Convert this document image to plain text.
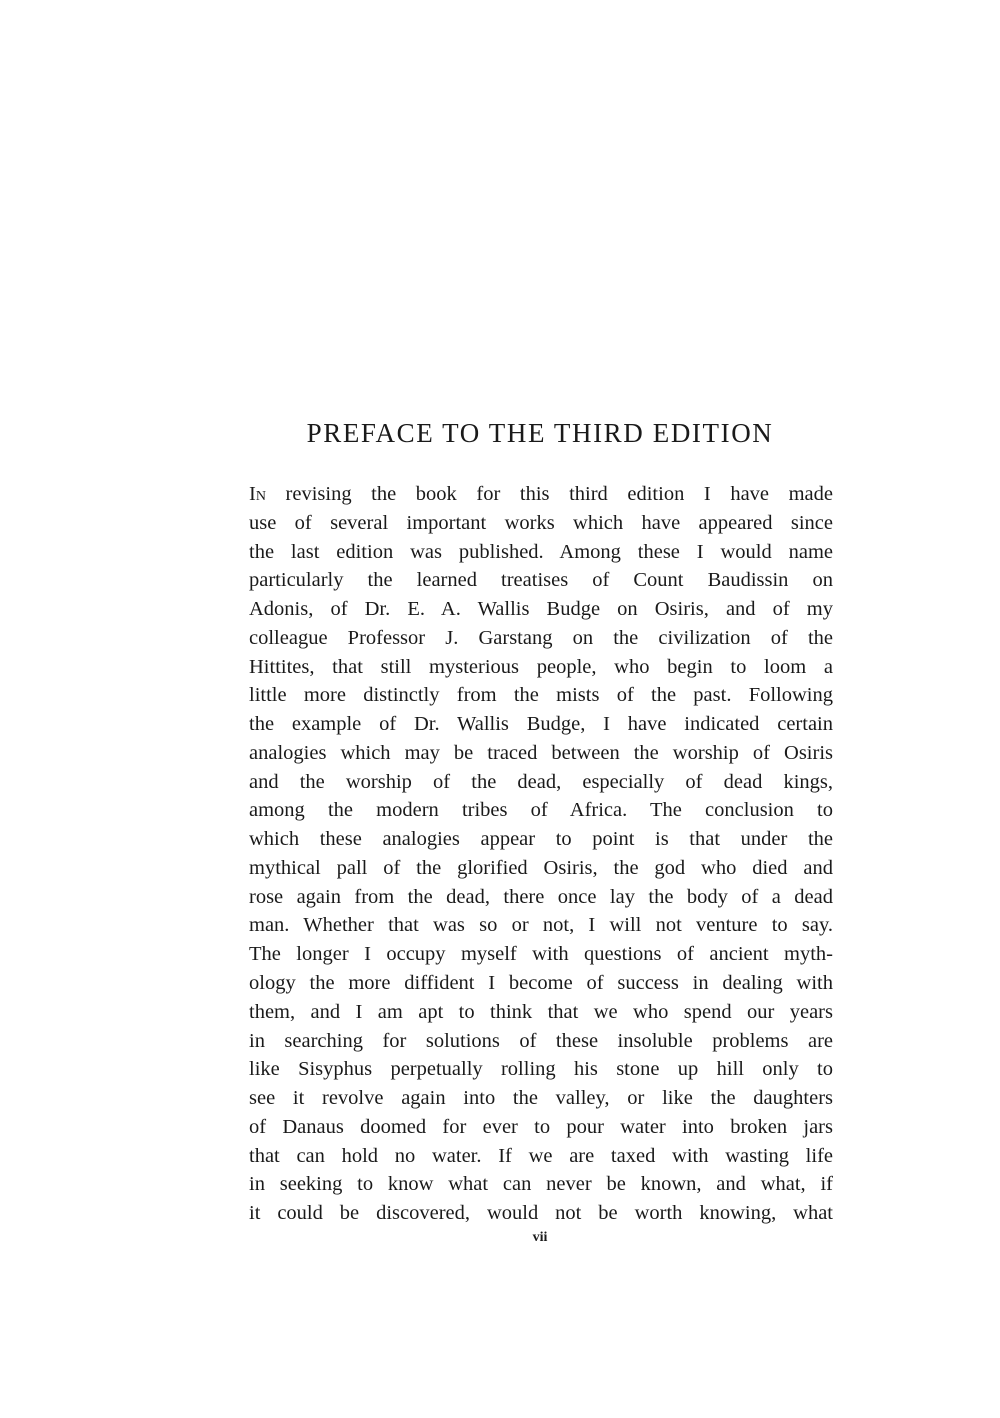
PREFACE TO THE THIRD EDITION
In revising the book for this third edition I have made
use of several important works which have appeared since
the last edition was published. Among these I would name
particularly the learned treatises of Count Baudissin on
Adonis, of Dr. E. A. Wallis Budge on Osiris, and of my
colleague Professor J. Garstang on the civilization of the
Hittites, that still mysterious people, who begin to loom a
little more distinctly from the mists of the past. Following
the example of Dr. Wallis Budge, I have indicated certain
analogies which may be traced between the worship of Osiris
and the worship of the dead, especially of dead kings,
among the modern tribes of Africa. The conclusion to
which these analogies appear to point is that under the
mythical pall of the glorified Osiris, the god who died and
rose again from the dead, there once lay the body of a dead
man. Whether that was so or not, I will not venture to say.
The longer I occupy myself with questions of ancient myth-
ology the more diffident I become of success in dealing with
them, and I am apt to think that we who spend our years
in searching for solutions of these insoluble problems are
like Sisyphus perpetually rolling his stone up hill only to
see it revolve again into the valley, or like the daughters
of Danaus doomed for ever to pour water into broken jars
that can hold no water. If we are taxed with wasting life
in seeking to know what can never be known, and what, if
it could be discovered, would not be worth knowing, what
vii
